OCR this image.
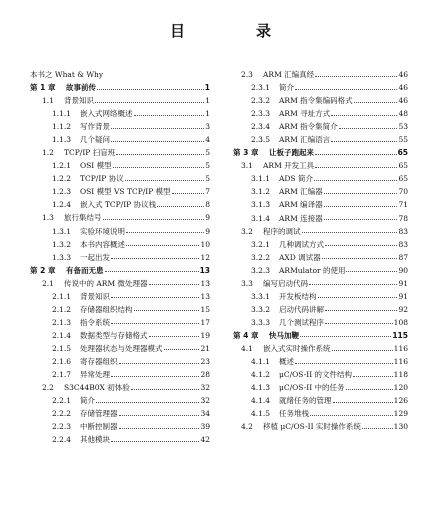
目　录
本书之 What & Why
第 1 章	故事前传	1
1.1	背景知识	1
1.1.1	嵌入式网络概述	1
1.1.2	写作背景	3
1.1.3	几个疑问	4
1.2	TCP/IP 扫盲班	5
1.2.1	OSI 模型	5
1.2.2	TCP/IP 协议	5
1.2.3	OSI 模型 VS TCP/IP 模型	7
1.2.4	嵌入式 TCP/IP 协议栈	8
1.3	旅行集结号	9
1.3.1	实验环境说明	9
1.3.2	本书内容概述	10
1.3.3	一起出发	12
第 2 章	有备而无患	13
2.1	传说中的 ARM 微处理器	13
2.1.1	背景知识	13
2.1.2	存储器组织结构	15
2.1.3	指令系统	17
2.1.4	数据类型与存储格式	19
2.1.5	处理器状态与处理器模式	21
2.1.6	寄存器组织	23
2.1.7	异常处理	28
2.2	S3C44B0X 初体验	32
2.2.1	简介	32
2.2.2	存储管理器	34
2.2.3	中断控制器	39
2.2.4	其他模块	42
2.3	ARM 汇编真经	46
2.3.1	简介	46
2.3.2	ARM 指令集编码格式	46
2.3.3	ARM 寻址方式	48
2.3.4	ARM 指令集简介	53
2.3.5	ARM 汇编语言	55
第 3 章	让板子跑起来	65
3.1	ARM 开发工具	65
3.1.1	ADS 简介	65
3.1.2	ARM 汇编器	70
3.1.3	ARM 编译器	71
3.1.4	ARM 连接器	78
3.2	程序的调试	83
3.2.1	几种调试方式	83
3.2.2	AXD 调试器	87
3.2.3	ARMulator 的使用	90
3.3	编写启动代码	91
3.3.1	开发板结构	91
3.3.2	启动代码讲解	92
3.3.3	几个测试程序	108
第 4 章	快马加鞭	115
4.1	嵌入式实时操作系统	116
4.1.1	概述	116
4.1.2	μC/OS-II 的文件结构	118
4.1.3	μC/OS-II 中的任务	120
4.1.4	就绪任务的管理	126
4.1.5	任务堆栈	129
4.2	移植 μC/OS-II 实时操作系统	130
